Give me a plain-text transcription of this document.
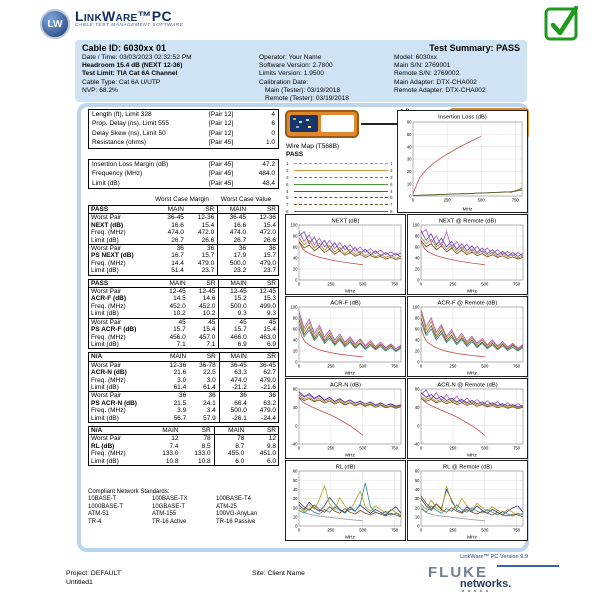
LW LinkWare™PC
CABLE TEST MANAGEMENT SOFTWARE
Cable ID: 6030xx 01	Test Summary: PASS
Date / Time: 03/03/2023 02:32:52 PM
Headroom 15.4 dB (NEXT 12-36)
Test Limit: TIA Cat 6A Channel
Cable Type: Cat 6A U/UTP
NVP: 68.2%
Operator: Your Name
Software Version: 2.7800
Limits Version: 1.9500
Calibration Date:
Main (Tester): 03/19/2018
Remote (Tester): 03/19/2018
Model: 6030xx
Main S/N: 2769001
Remote S/N: 2769002
Main Adapter: DTX-CHA002
Remote Adapter: DTX-CHA002
Length (ft), Limit 328	[Pair 12]	4
Prop. Delay (ns), Limit 555	[Pair 12]	6
Delay Skew (ns), Limit 50	[Pair 12]	0
Resistance (ohms)	[Pair 45]	1.0
Insertion Loss Margin (dB)	[Pair 45]	47.2
Frequency (MHz)	[Pair 45]	484.0
Limit (dB)	[Pair 45]	48.4
Worst Case Margin	Worst Case Value
PASS	MAIN	SR	MAIN	SR
Worst Pair	36-45	12-36	36-45	12-36
NEXT (dB)	16.6	15.4	16.6	15.4
Freq. (MHz)	474.0	472.0	474.0	472.0
Limit (dB)	26.7	26.6	26.7	26.6
Worst Pair	36	36	36	36
PS NEXT (dB)	16.7	15.7	17.9	15.7
Freq. (MHz)	14.4	479.0	500.0	479.0
Limit (dB)	51.4	23.7	23.2	23.7
PASS	MAIN	SR	MAIN	SR
Worst Pair	12-45	12-45	12-45	12-45
ACR-F (dB)	14.5	14.6	15.2	15.3
Freq. (MHz)	452.0	452.0	500.0	499.0
Limit (dB)	10.2	10.2	9.3	9.3
Worst Pair	45	45	45	45
PS ACR-F (dB)	15.7	15.4	15.7	15.4
Freq. (MHz)	456.0	457.0	466.0	463.0
Limit (dB)	7.1	7.1	6.9	6.9
N/A	MAIN	SR	MAIN	SR
Worst Pair	12-36	36-78	36-45	36-45
ACR-N (dB)	21.6	22.5	63.3	62.7
Freq. (MHz)	3.0	3.0	474.0	479.0
Limit (dB)	61.4	61.4	-21.2	-21.6
Worst Pair	36	36	36	36
PS ACR-N (dB)	21.5	24.1	66.4	63.2
Freq. (MHz)	3.9	3.4	500.0	479.0
Limit (dB)	56.7	57.9	-26.1	-24.4
N/A	MAIN	SR	MAIN	SR
Worst Pair	12	78	78	12
RL (dB)	7.4	8.5	8.7	9.8
Freq. (MHz)	133.0	133.0	455.0	451.0
Limit (dB)	10.8	10.8	6.0	6.0
Compliant Network Standards:
10BASE-T
1000BASE-T
ATM-51
TR-4
100BASE-TX
10GBASE-T
ATM-155
TR-16 Active
100BASE-T4
ATM-25
100VG-AnyLan
TR-16 Passive
Wire Map (T568B)
PASS
1	1
2	2
3	3
6	6
4	4
5	5
7	7
8	8
Insertion Loss (dB)
0
10
20
30
40
50
60
0	250	500	750
MHz
NEXT (dB)
0
20
40
60
80
100
0	250	500	750
MHz
NEXT @ Remote (dB)
0
20
40
60
80
100
0	250	500	750
MHz
ACR-F (dB)
0
20
40
60
80
100
0	250	500	750
MHz
ACR-F @ Remote (dB)
0
20
40
60
80
100
0	250	500	750
MHz
ACR-N (dB)
-40
0
40
80
0	250	500	750
MHz
ACR-N @ Remote (dB)
-40
0
40
80
0	250	500	750
MHz
RL (dB)
0
10
20
30
40
50
60
0	250	500	750
MHz
RL @ Remote (dB)
0
10
20
30
40
50
60
0	250	500	750
MHz
LinkWare™ PC Version 9.9
Project: DEFAULT
Untitled1
Site: Client Name	FLUKE
networks.
